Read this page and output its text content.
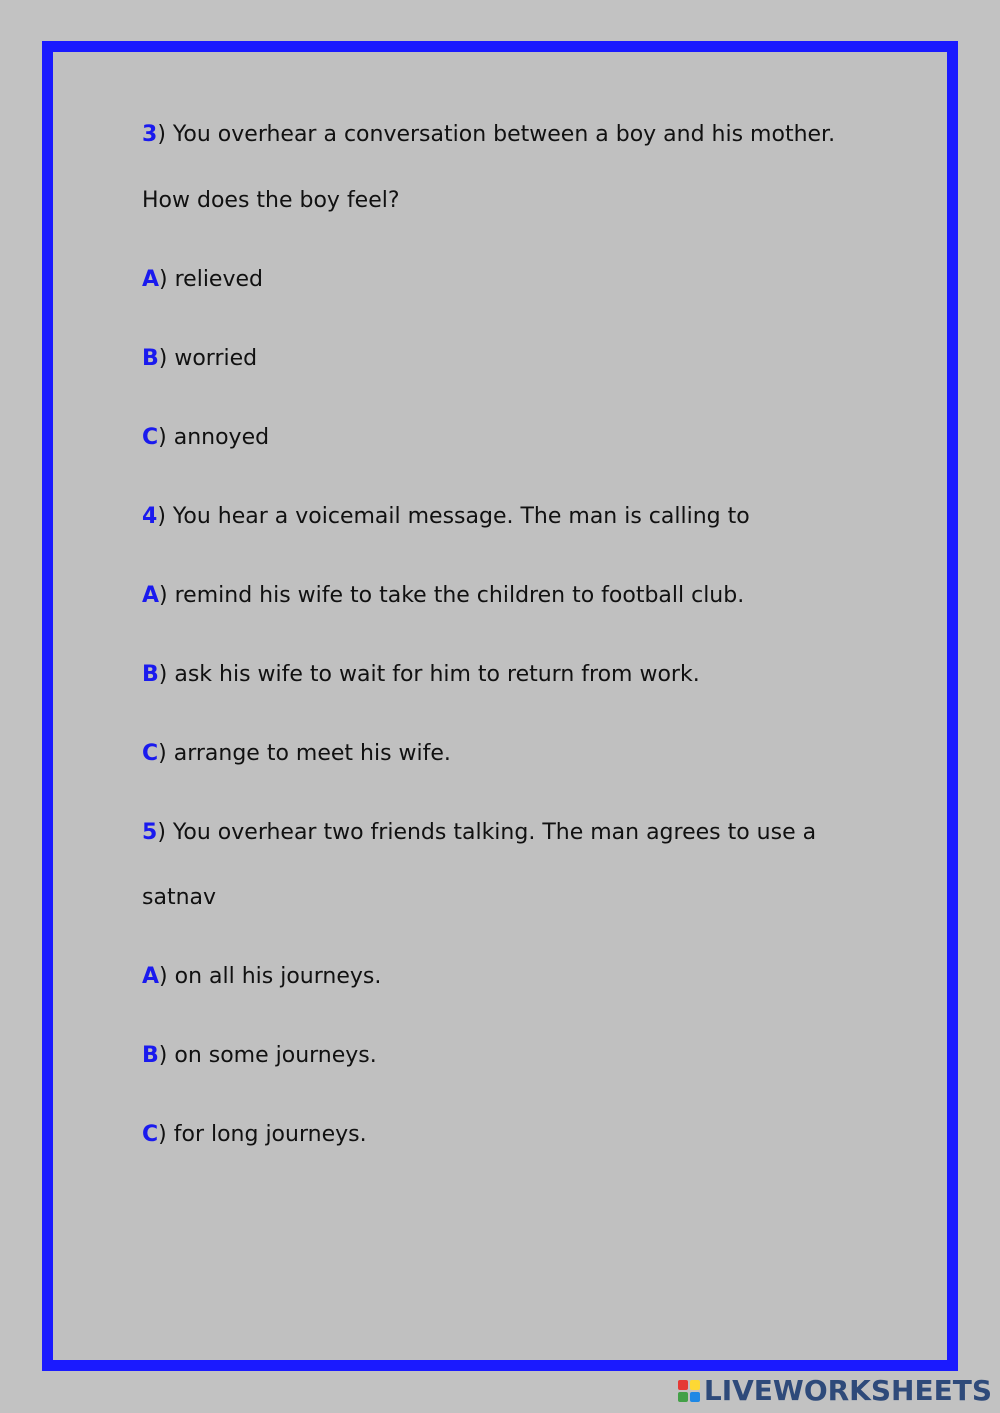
3) You overhear a conversation between a boy and his mother.
How does the boy feel?
A) relieved
B) worried
C) annoyed
4) You hear a voicemail message. The man is calling to
A) remind his wife to take the children to football club.
B) ask his wife to wait for him to return from work.
C) arrange to meet his wife.
5) You overhear two friends talking. The man agrees to use a
satnav
A) on all his journeys.
B) on some journeys.
C) for long journeys.
LIVEWORKSHEETS
